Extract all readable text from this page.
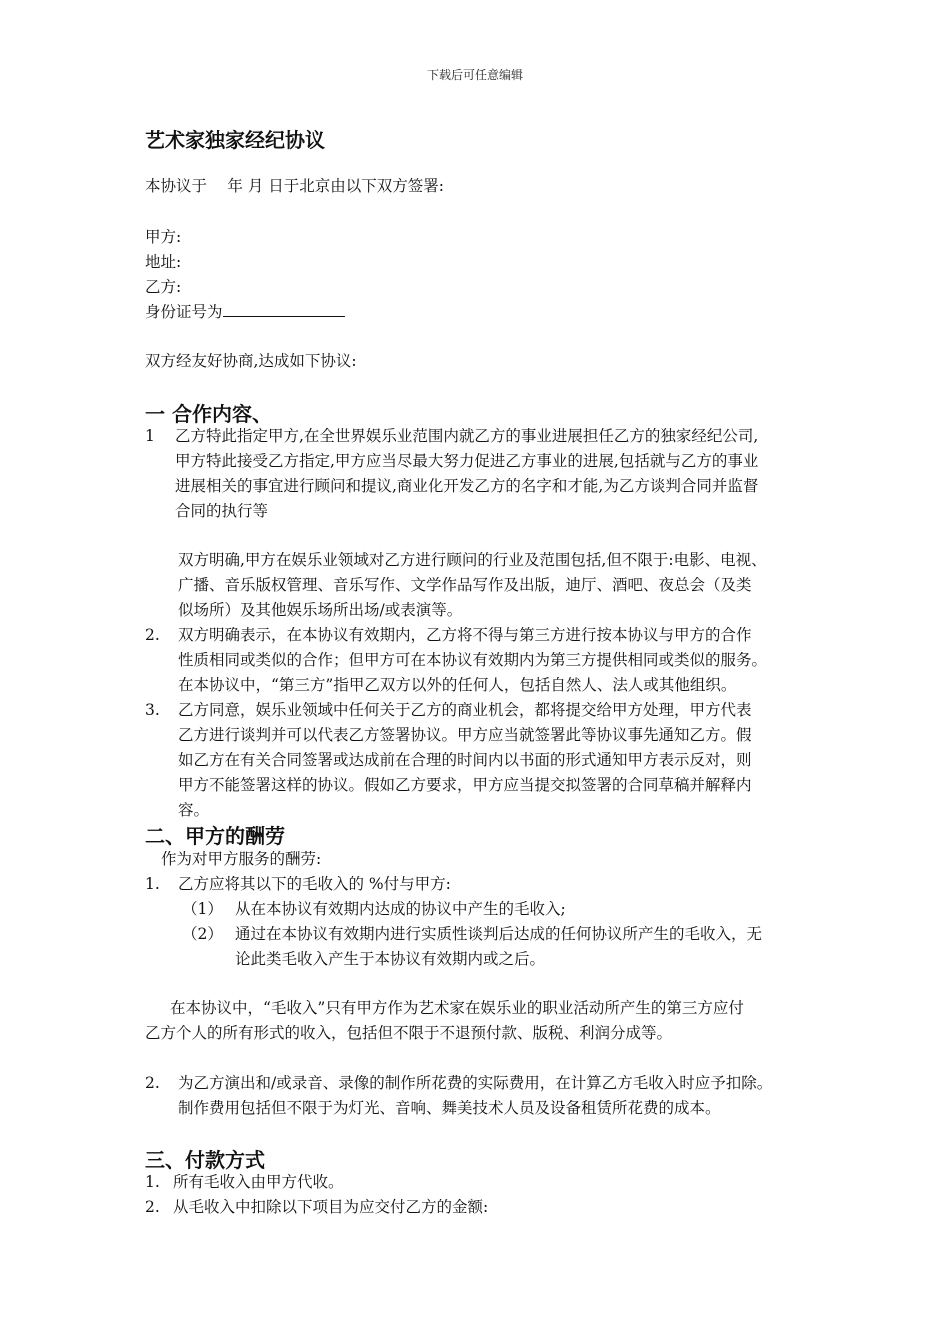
下载后可任意编辑
艺术家独家经纪协议
本协议于　 年 月 日于北京由以下双方签署:
甲方:
地址:
乙方:
身份证号为
双方经友好协商,达成如下协议:
一 合作内容、
1 乙方特此指定甲方,在全世界娱乐业范围内就乙方的事业进展担任乙方的独家经纪公司,
甲方特此接受乙方指定,甲方应当尽最大努力促进乙方事业的进展,包括就与乙方的事业
进展相关的事宜进行顾问和提议,商业化开发乙方的名字和才能,为乙方谈判合同并监督
合同的执行等
双方明确,甲方在娱乐业领域对乙方进行顾问的行业及范围包括,但不限于:电影、电视、
广播、音乐版权管理、音乐写作、文学作品写作及出版，迪厅、酒吧、夜总会（及类
似场所）及其他娱乐场所出场/或表演等。
2. 双方明确表示，在本协议有效期内，乙方将不得与第三方进行按本协议与甲方的合作
性质相同或类似的合作；但甲方可在本协议有效期内为第三方提供相同或类似的服务。
在本协议中，“第三方”指甲乙双方以外的任何人，包括自然人、法人或其他组织。
3. 乙方同意，娱乐业领域中任何关于乙方的商业机会，都将提交给甲方处理，甲方代表
乙方进行谈判并可以代表乙方签署协议。甲方应当就签署此等协议事先通知乙方。假
如乙方在有关合同签署或达成前在合理的时间内以书面的形式通知甲方表示反对，则
甲方不能签署这样的协议。假如乙方要求，甲方应当提交拟签署的合同草稿并解释内
容。
二、甲方的酬劳
作为对甲方服务的酬劳:
1. 乙方应将其以下的毛收入的 %付与甲方:
（1） 从在本协议有效期内达成的协议中产生的毛收入;
（2） 通过在本协议有效期内进行实质性谈判后达成的任何协议所产生的毛收入，无
论此类毛收入产生于本协议有效期内或之后。
在本协议中，“毛收入”只有甲方作为艺术家在娱乐业的职业活动所产生的第三方应付
乙方个人的所有形式的收入，包括但不限于不退预付款、版税、利润分成等。
2. 为乙方演出和/或录音、录像的制作所花费的实际费用，在计算乙方毛收入时应予扣除。
制作费用包括但不限于为灯光、音响、舞美技术人员及设备租赁所花费的成本。
三、付款方式
1. 所有毛收入由甲方代收。
2. 从毛收入中扣除以下项目为应交付乙方的金额:
